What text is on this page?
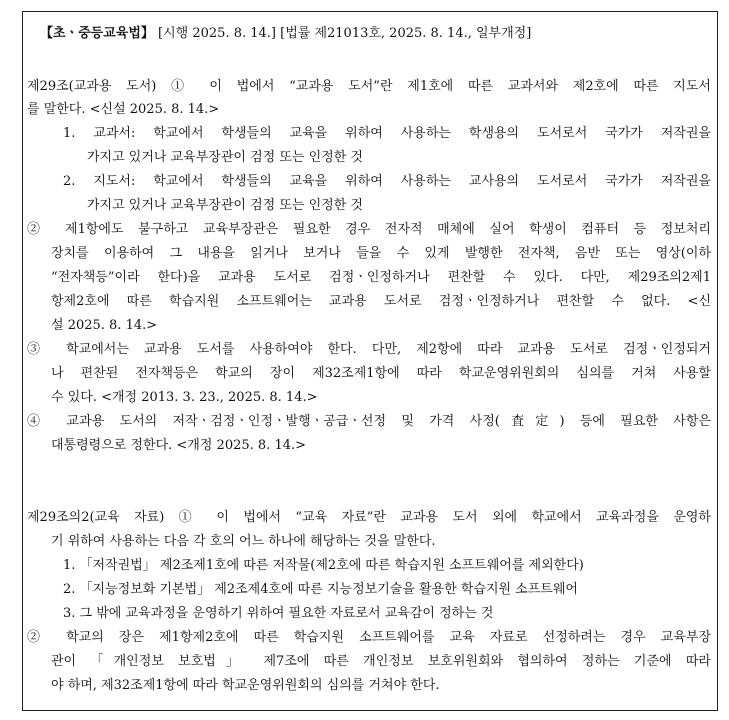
【초ㆍ중등교육법】 [시행 2025. 8. 14.] [법률 제21013호, 2025. 8. 14., 일부개정]
제29조(교과용 도서) ① 이 법에서 “교과용 도서”란 제1호에 따른 교과서와 제2호에 따른 지도서
를 말한다. <신설 2025. 8. 14.>
1. 교과서: 학교에서 학생들의 교육을 위하여 사용하는 학생용의 도서로서 국가가 저작권을
가지고 있거나 교육부장관이 검정 또는 인정한 것
2. 지도서: 학교에서 학생들의 교육을 위하여 사용하는 교사용의 도서로서 국가가 저작권을
가지고 있거나 교육부장관이 검정 또는 인정한 것
② 제1항에도 불구하고 교육부장관은 필요한 경우 전자적 매체에 실어 학생이 컴퓨터 등 정보처리
장치를 이용하여 그 내용을 읽거나 보거나 들을 수 있게 발행한 전자책, 음반 또는 영상(이하
“전자책등”이라 한다)을 교과용 도서로 검정ㆍ인정하거나 편찬할 수 있다. 다만, 제29조의2제1
항제2호에 따른 학습지원 소프트웨어는 교과용 도서로 검정ㆍ인정하거나 편찬할 수 없다. <신
설 2025. 8. 14.>
③ 학교에서는 교과용 도서를 사용하여야 한다. 다만, 제2항에 따라 교과용 도서로 검정ㆍ인정되거
나 편찬된 전자책등은 학교의 장이 제32조제1항에 따라 학교운영위원회의 심의를 거쳐 사용할
수 있다. <개정 2013. 3. 23., 2025. 8. 14.>
④ 교과용 도서의 저작ㆍ검정ㆍ인정ㆍ발행ㆍ공급ㆍ선정 및 가격 사정(査定) 등에 필요한 사항은
대통령령으로 정한다. <개정 2025. 8. 14.>
제29조의2(교육 자료) ① 이 법에서 “교육 자료”란 교과용 도서 외에 학교에서 교육과정을 운영하
기 위하여 사용하는 다음 각 호의 어느 하나에 해당하는 것을 말한다.
1. 「저작권법」 제2조제1호에 따른 저작물(제2호에 따른 학습지원 소프트웨어를 제외한다)
2. 「지능정보화 기본법」 제2조제4호에 따른 지능정보기술을 활용한 학습지원 소프트웨어
3. 그 밖에 교육과정을 운영하기 위하여 필요한 자료로서 교육감이 정하는 것
② 학교의 장은 제1항제2호에 따른 학습지원 소프트웨어를 교육 자료로 선정하려는 경우 교육부장
관이 「개인정보 보호법」 제7조에 따른 개인정보 보호위원회와 협의하여 정하는 기준에 따라
야 하며, 제32조제1항에 따라 학교운영위원회의 심의를 거쳐야 한다.
